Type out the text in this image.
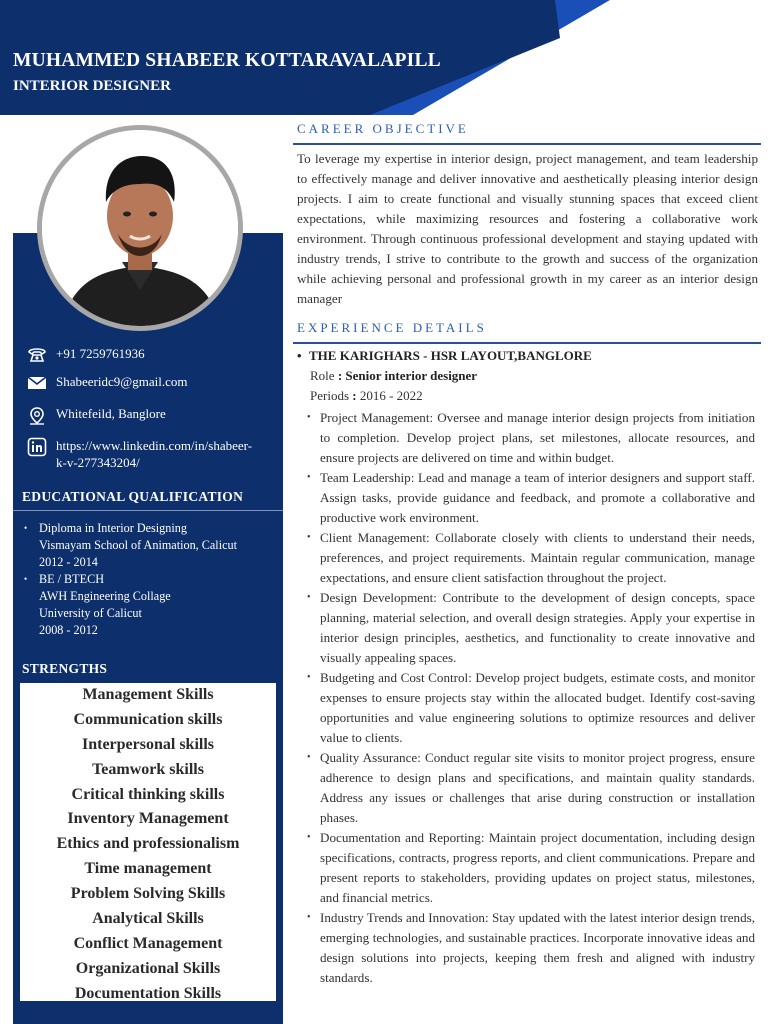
MUHAMMED SHABEER KOTTARAVALAPILL
INTERIOR DESIGNER
+91 7259761936
Shabeeridc9@gmail.com
Whitefeild, Banglore
https://www.linkedin.com/in/shabeer-k-v-277343204/
EDUCATIONAL QUALIFICATION
• Diploma in Interior Designing
Vismayam School of Animation, Calicut
2012 - 2014
• BE / BTECH
AWH Engineering Collage
University of Calicut
2008 - 2012
STRENGTHS
Management Skills
Communication skills
Interpersonal skills
Teamwork skills
Critical thinking skills
Inventory Management
Ethics and professionalism
Time management
Problem Solving Skills
Analytical Skills
Conflict Management
Organizational Skills
Documentation Skills
CAREER OBJECTIVE
To leverage my expertise in interior design, project management, and team leadership to effectively manage and deliver innovative and aesthetically pleasing interior design projects. I aim to create functional and visually stunning spaces that exceed client expectations, while maximizing resources and fostering a collaborative work environment. Through continuous professional development and staying updated with industry trends, I strive to contribute to the growth and success of the organization while achieving personal and professional growth in my career as an interior design manager
EXPERIENCE DETAILS
• THE KARIGHARS - HSR LAYOUT,BANGLORE
Role : Senior interior designer
Periods : 2016 - 2022
• Project Management: Oversee and manage interior design projects from initiation to completion. Develop project plans, set milestones, allocate resources, and ensure projects are delivered on time and within budget.
• Team Leadership: Lead and manage a team of interior designers and support staff. Assign tasks, provide guidance and feedback, and promote a collaborative and productive work environment.
• Client Management: Collaborate closely with clients to understand their needs, preferences, and project requirements. Maintain regular communication, manage expectations, and ensure client satisfaction throughout the project.
• Design Development: Contribute to the development of design concepts, space planning, material selection, and overall design strategies. Apply your expertise in interior design principles, aesthetics, and functionality to create innovative and visually appealing spaces.
• Budgeting and Cost Control: Develop project budgets, estimate costs, and monitor expenses to ensure projects stay within the allocated budget. Identify cost-saving opportunities and value engineering solutions to optimize resources and deliver value to clients.
• Quality Assurance: Conduct regular site visits to monitor project progress, ensure adherence to design plans and specifications, and maintain quality standards. Address any issues or challenges that arise during construction or installation phases.
• Documentation and Reporting: Maintain project documentation, including design specifications, contracts, progress reports, and client communications. Prepare and present reports to stakeholders, providing updates on project status, milestones, and financial metrics.
• Industry Trends and Innovation: Stay updated with the latest interior design trends, emerging technologies, and sustainable practices. Incorporate innovative ideas and design solutions into projects, keeping them fresh and aligned with industry standards.
